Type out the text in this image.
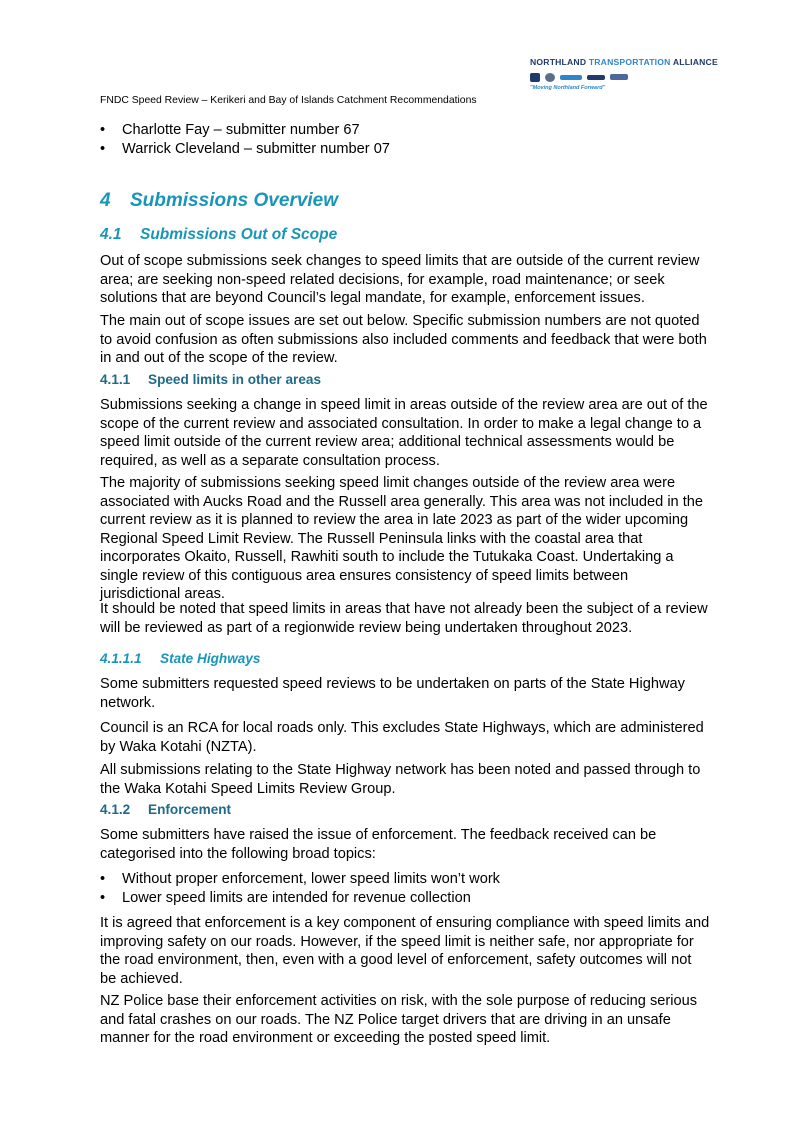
NORTHLAND TRANSPORTATION ALLIANCE
"Moving Northland Forward"
FNDC Speed Review – Kerikeri and Bay of Islands Catchment Recommendations
• Charlotte Fay – submitter number 67
• Warrick Cleveland – submitter number 07
4 Submissions Overview
4.1 Submissions Out of Scope

Out of scope submissions seek changes to speed limits that are outside of the current review area; are seeking non-speed related decisions, for example, road maintenance; or seek solutions that are beyond Council’s legal mandate, for example, enforcement issues.

The main out of scope issues are set out below. Specific submission numbers are not quoted to avoid confusion as often submissions also included comments and feedback that were both in and out of the scope of the review.

4.1.1 Speed limits in other areas

Submissions seeking a change in speed limit in areas outside of the review area are out of the scope of the current review and associated consultation. In order to make a legal change to a speed limit outside of the current review area; additional technical assessments would be required, as well as a separate consultation process.

The majority of submissions seeking speed limit changes outside of the review area were associated with Aucks Road and the Russell area generally. This area was not included in the current review as it is planned to review the area in late 2023 as part of the wider upcoming Regional Speed Limit Review. The Russell Peninsula links with the coastal area that incorporates Okaito, Russell, Rawhiti south to include the Tutukaka Coast. Undertaking a single review of this contiguous area ensures consistency of speed limits between jurisdictional areas.

It should be noted that speed limits in areas that have not already been the subject of a review will be reviewed as part of a regionwide review being undertaken throughout 2023.

4.1.1.1 State Highways

Some submitters requested speed reviews to be undertaken on parts of the State Highway network.

Council is an RCA for local roads only. This excludes State Highways, which are administered by Waka Kotahi (NZTA).

All submissions relating to the State Highway network has been noted and passed through to the Waka Kotahi Speed Limits Review Group.

4.1.2 Enforcement

Some submitters have raised the issue of enforcement. The feedback received can be categorised into the following broad topics:

• Without proper enforcement, lower speed limits won’t work
• Lower speed limits are intended for revenue collection

It is agreed that enforcement is a key component of ensuring compliance with speed limits and improving safety on our roads. However, if the speed limit is neither safe, nor appropriate for the road environment, then, even with a good level of enforcement, safety outcomes will not be achieved.

NZ Police base their enforcement activities on risk, with the sole purpose of reducing serious and fatal crashes on our roads. The NZ Police target drivers that are driving in an unsafe manner for the road environment or exceeding the posted speed limit.
